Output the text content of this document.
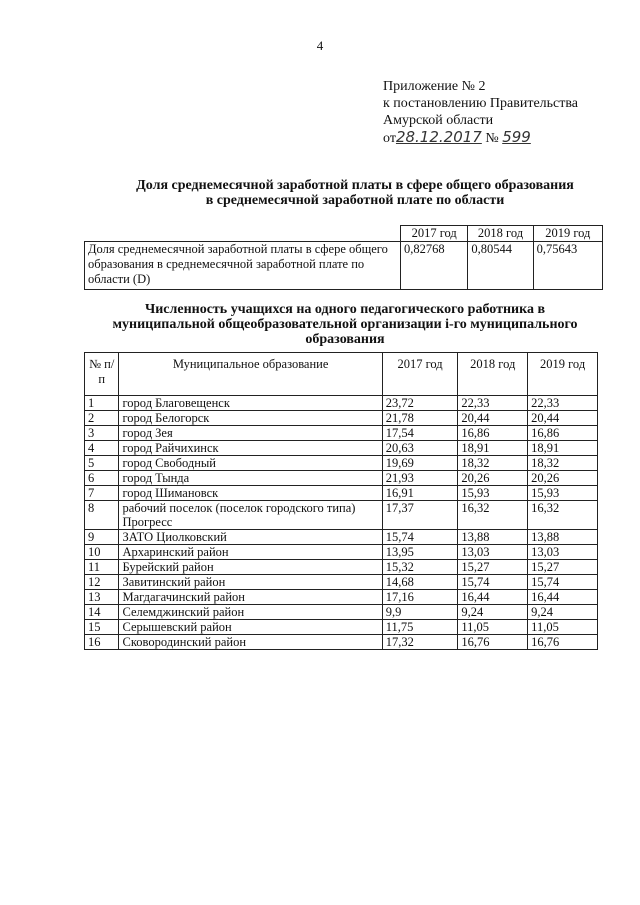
4
Приложение № 2
к постановлению Правительства
Амурской области
от28.12.2017 № 599
Доля среднемесячной заработной платы в сфере общего образования
в среднемесячной заработной плате по области
	2017 год	2018 год	2019 год
Доля среднемесячной заработной платы в сфере общего образования в среднемесячной заработной плате по области (D)	0,82768	0,80544	0,75643
Численность учащихся на одного педагогического работника в
муниципальной общеобразовательной организации i-го муниципального
образования
№ п/п	Муниципальное образование	2017 год	2018 год	2019 год
1	город Благовещенск	23,72	22,33	22,33
2	город Белогорск	21,78	20,44	20,44
3	город Зея	17,54	16,86	16,86
4	город Райчихинск	20,63	18,91	18,91
5	город Свободный	19,69	18,32	18,32
6	город Тында	21,93	20,26	20,26
7	город Шимановск	16,91	15,93	15,93
8	рабочий поселок (поселок городского типа) Прогресс	17,37	16,32	16,32
9	ЗАТО Циолковский	15,74	13,88	13,88
10	Архаринский район	13,95	13,03	13,03
11	Бурейский район	15,32	15,27	15,27
12	Завитинский район	14,68	15,74	15,74
13	Магдагачинский район	17,16	16,44	16,44
14	Селемджинский район	9,9	9,24	9,24
15	Серышевский район	11,75	11,05	11,05
16	Сковородинский район	17,32	16,76	16,76
